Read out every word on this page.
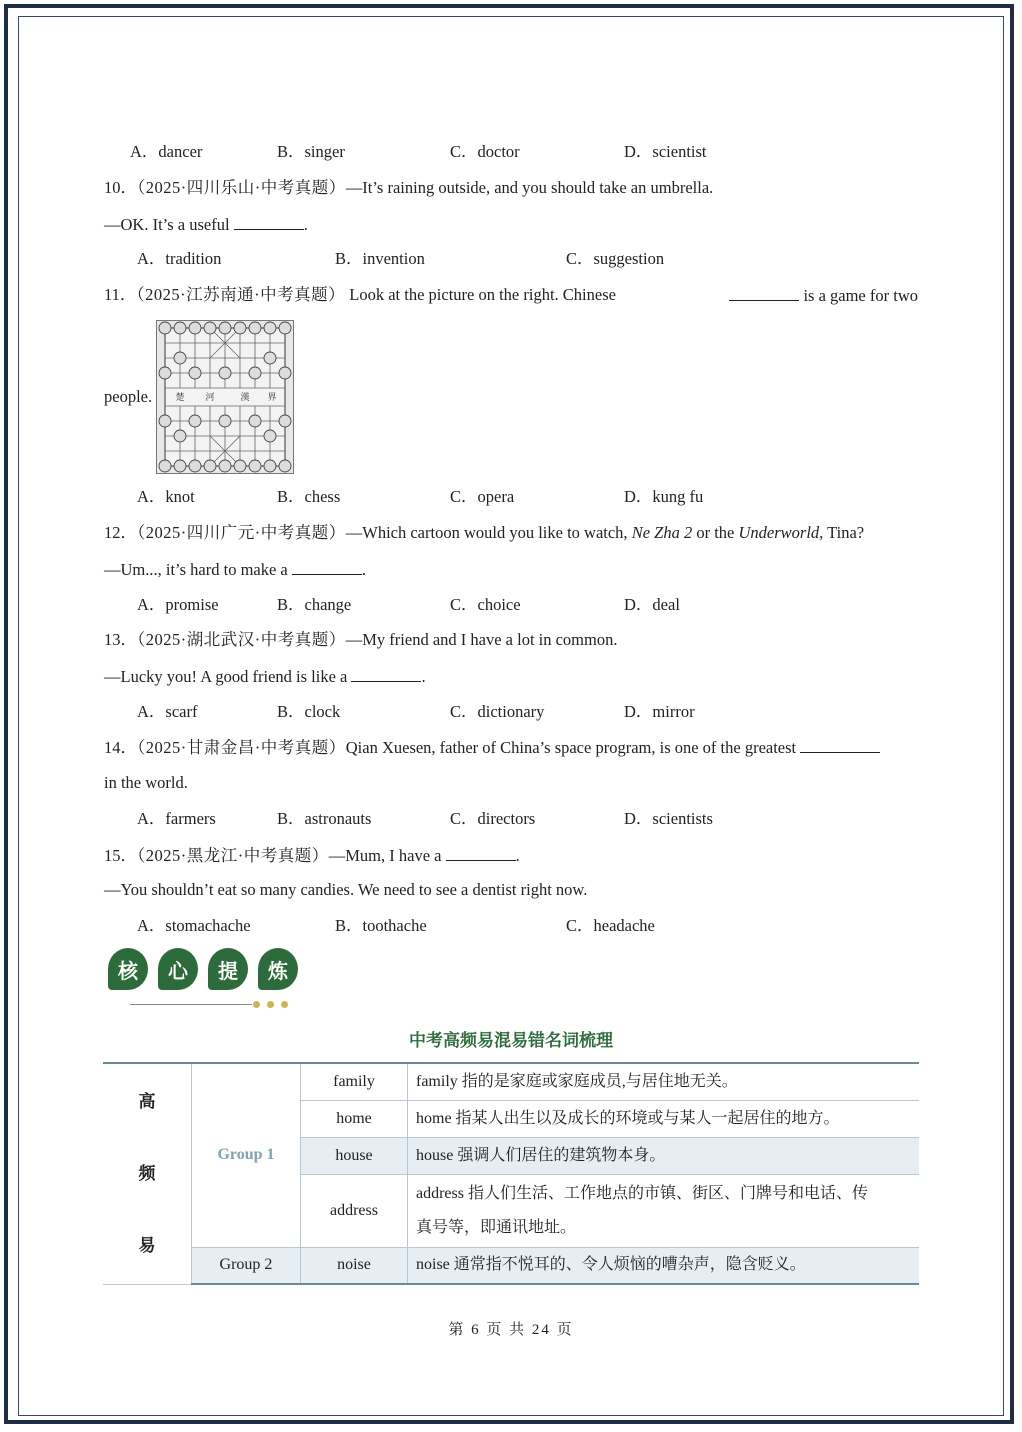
A．dancer	B．singer	C．doctor	D．scientist
10．（2025·四川乐山·中考真题）—It’s raining outside, and you should take an umbrella.
—OK. It’s a useful	.
A．tradition	B．invention	C．suggestion
11．（2025·江苏南通·中考真题） Look at the picture on the right. Chinese	is a game for two
people.	楚 河	漢 界
A．knot	B．chess	C．opera	D．kung fu
12．（2025·四川广元·中考真题）—Which cartoon would you like to watch, Ne Zha 2 or the Underworld, Tina?
—Um..., it’s hard to make a	.
A．promise	B．change	C．choice	D．deal
13．（2025·湖北武汉·中考真题）—My friend and I have a lot in common.
—Lucky you! A good friend is like a	.
A．scarf	B．clock	C．dictionary	D．mirror
14．（2025·甘肃金昌·中考真题）Qian Xuesen, father of China’s space program, is one of the greatest
in the world.
A．farmers	B．astronauts	C．directors	D．scientists
15．（2025·黑龙江·中考真题）—Mum, I have a	.
—You shouldn’t eat so many candies. We need to see a dentist right now.
A．stomachache	B．toothache	C．headache
核	心	提	炼
中考高频易混易错名词梳理
高
频
易	Group 1	family	family 指的是家庭或家庭成员,与居住地无关。
		home	home 指某人出生以及成长的环境或与某人一起居住的地方。
		house	house 强调人们居住的建筑物本身。
		address	address 指人们生活、工作地点的市镇、街区、门牌号和电话、传
真号等，即通讯地址。

	Group 2	noise	noise 通常指不悦耳的、令人烦恼的嘈杂声，隐含贬义。
第 6 页 共 24 页
